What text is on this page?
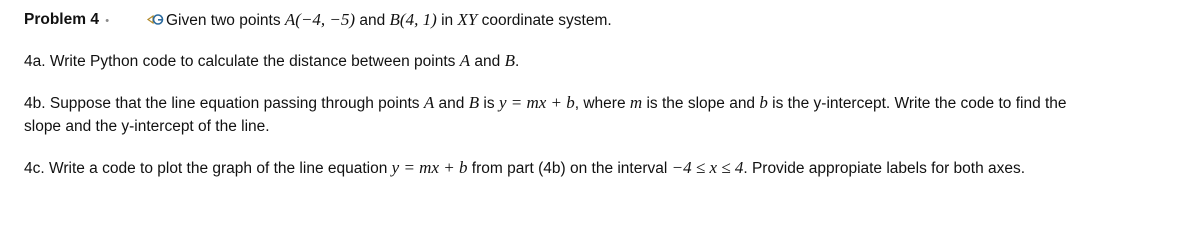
Problem 4 •	Given two points A(−4, −5) and B(4, 1) in XY coordinate system.
4a. Write Python code to calculate the distance between points A and B.
4b. Suppose that the line equation passing through points A and B is y = mx + b, where m is the slope and b is the y-intercept. Write the code to find the
slope and the y-intercept of the line.
4c. Write a code to plot the graph of the line equation y = mx + b from part (4b) on the interval −4 ≤ x ≤ 4. Provide appropiate labels for both axes.
